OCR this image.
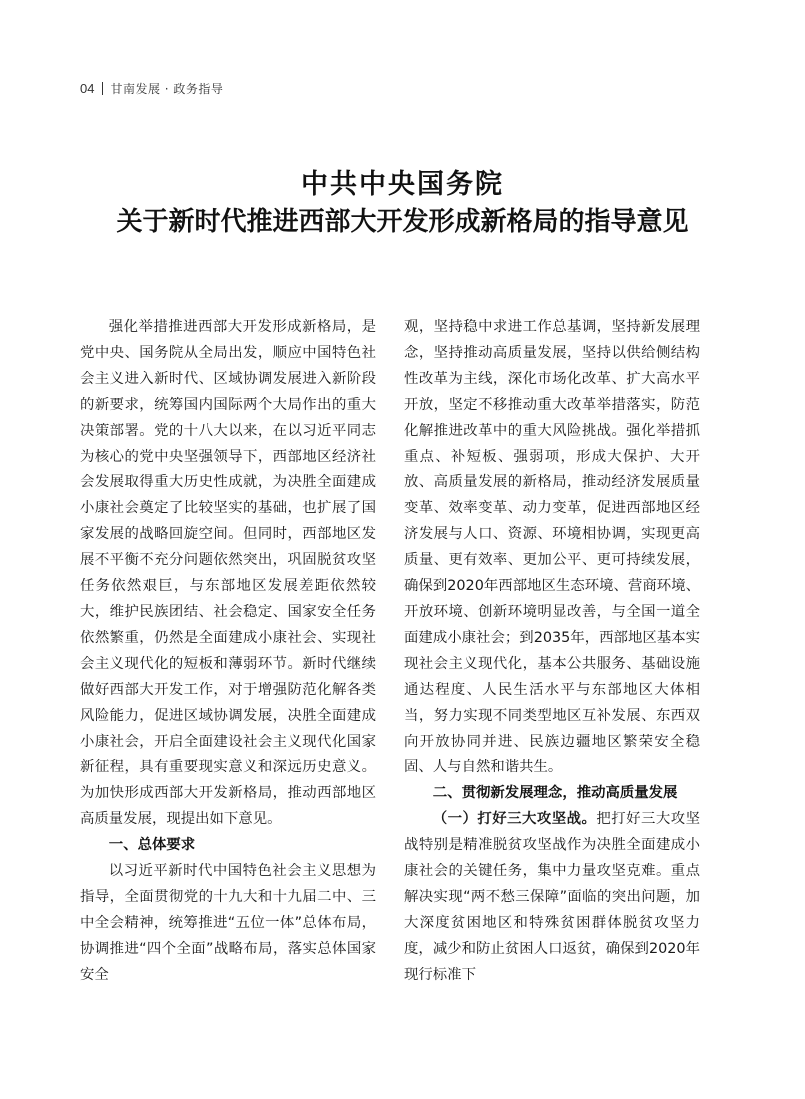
04 甘南发展 · 政务指导
中共中央国务院
关于新时代推进西部大开发形成新格局的指导意见

强化举措推进西部大开发形成新格局，是党中央、国务院从全局出发，顺应中国特色社会主义进入新时代、区域协调发展进入新阶段的新要求，统筹国内国际两个大局作出的重大决策部署。党的十八大以来，在以习近平同志为核心的党中央坚强领导下，西部地区经济社会发展取得重大历史性成就，为决胜全面建成小康社会奠定了比较坚实的基础，也扩展了国家发展的战略回旋空间。但同时，西部地区发展不平衡不充分问题依然突出，巩固脱贫攻坚任务依然艰巨，与东部地区发展差距依然较大，维护民族团结、社会稳定、国家安全任务依然繁重，仍然是全面建成小康社会、实现社会主义现代化的短板和薄弱环节。新时代继续做好西部大开发工作，对于增强防范化解各类风险能力，促进区域协调发展，决胜全面建成小康社会，开启全面建设社会主义现代化国家新征程，具有重要现实意义和深远历史意义。为加快形成西部大开发新格局，推动西部地区高质量发展，现提出如下意见。

一、总体要求

以习近平新时代中国特色社会主义思想为指导，全面贯彻党的十九大和十九届二中、三中全会精神，统筹推进“五位一体”总体布局，协调推进“四个全面”战略布局，落实总体国家安全

观，坚持稳中求进工作总基调，坚持新发展理念，坚持推动高质量发展，坚持以供给侧结构性改革为主线，深化市场化改革、扩大高水平开放，坚定不移推动重大改革举措落实，防范化解推进改革中的重大风险挑战。强化举措抓重点、补短板、强弱项，形成大保护、大开放、高质量发展的新格局，推动经济发展质量变革、效率变革、动力变革，促进西部地区经济发展与人口、资源、环境相协调，实现更高质量、更有效率、更加公平、更可持续发展，确保到2020年西部地区生态环境、营商环境、开放环境、创新环境明显改善，与全国一道全面建成小康社会；到2035年，西部地区基本实现社会主义现代化，基本公共服务、基础设施通达程度、人民生活水平与东部地区大体相当，努力实现不同类型地区互补发展、东西双向开放协同并进、民族边疆地区繁荣安全稳固、人与自然和谐共生。

二、贯彻新发展理念，推动高质量发展

（一）打好三大攻坚战。把打好三大攻坚战特别是精准脱贫攻坚战作为决胜全面建成小康社会的关键任务，集中力量攻坚克难。重点解决实现“两不愁三保障”面临的突出问题，加大深度贫困地区和特殊贫困群体脱贫攻坚力度，减少和防止贫困人口返贫，确保到2020年现行标准下
